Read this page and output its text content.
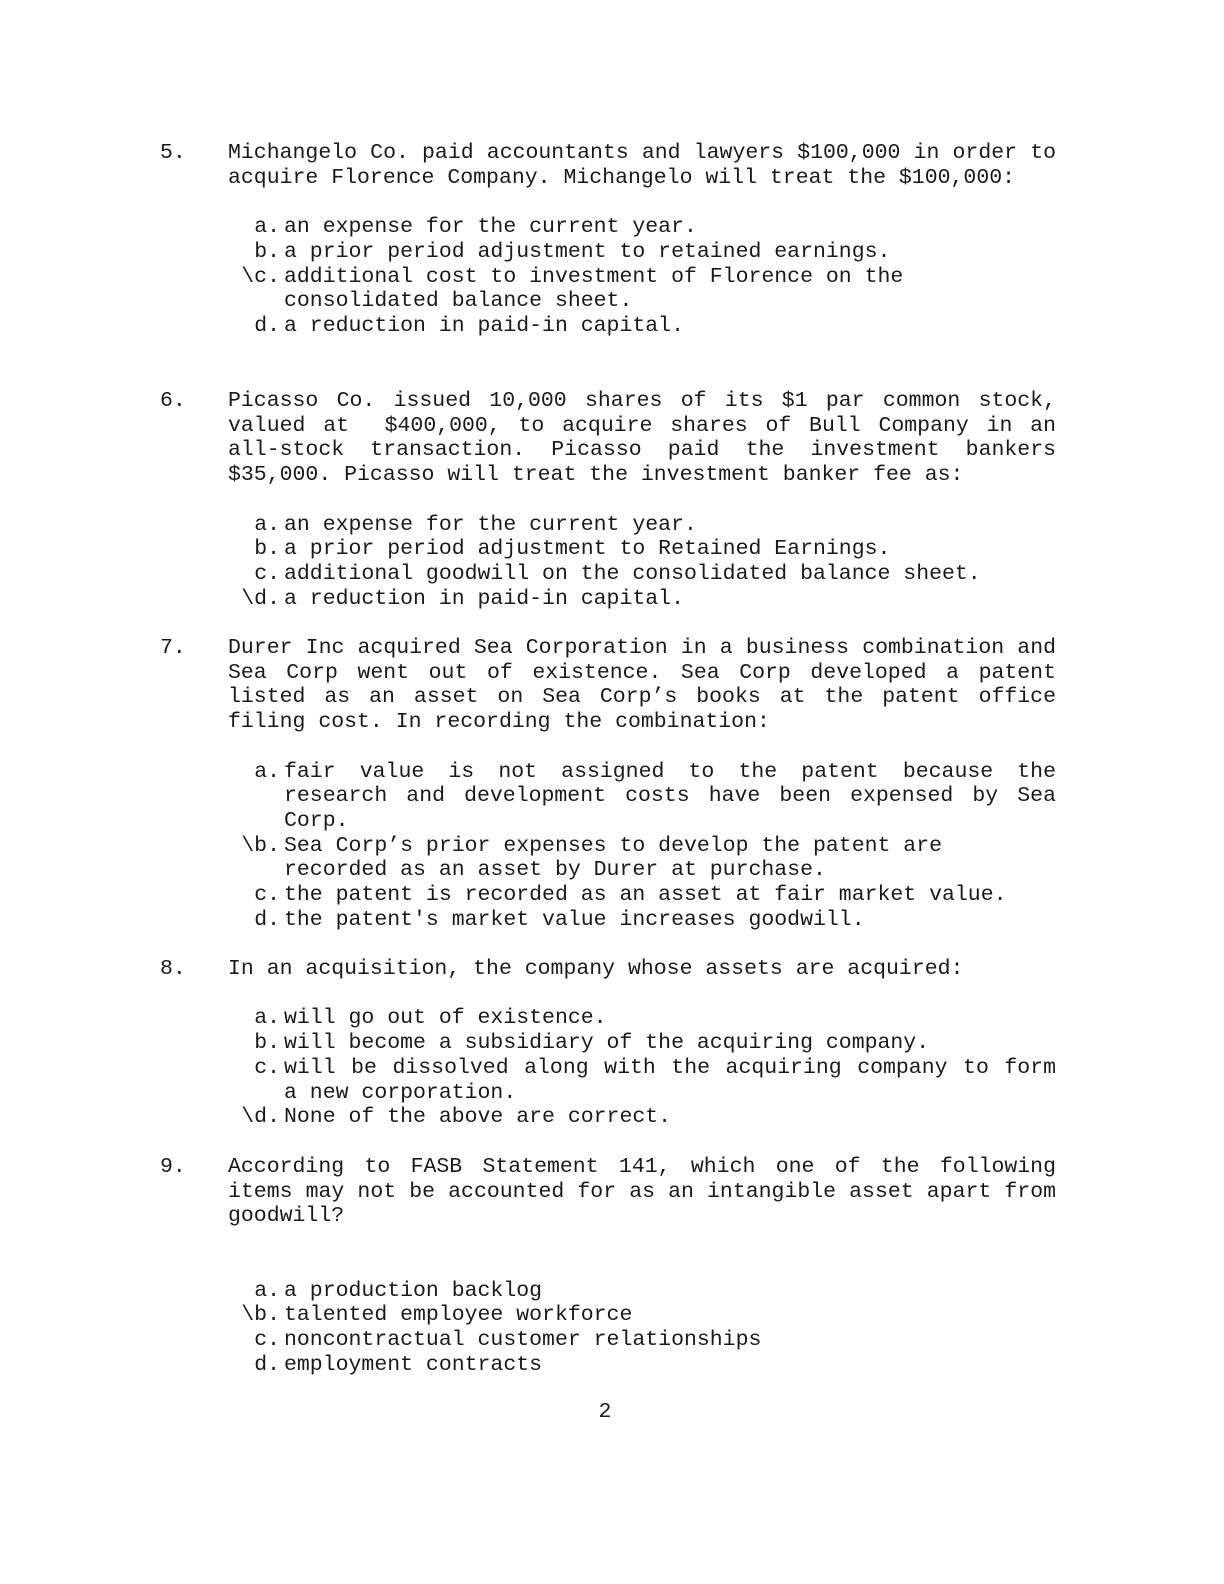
5. Michangelo Co. paid accountants and lawyers $100,000 in order to acquire Florence Company. Michangelo will treat the $100,000:
a. an expense for the current year.
b. a prior period adjustment to retained earnings.
\c. additional cost to investment of Florence on the consolidated balance sheet.
d. a reduction in paid-in capital.
6. Picasso Co. issued 10,000 shares of its $1 par common stock, valued at  $400,000, to acquire shares of Bull Company in an all-stock transaction. Picasso paid the investment bankers $35,000. Picasso will treat the investment banker fee as:
a. an expense for the current year.
b. a prior period adjustment to Retained Earnings.
c. additional goodwill on the consolidated balance sheet.
\d. a reduction in paid-in capital.
7. Durer Inc acquired Sea Corporation in a business combination and Sea Corp went out of existence. Sea Corp developed a patent listed as an asset on Sea Corp’s books at the patent office filing cost. In recording the combination:
a. fair value is not assigned to the patent because the research and development costs have been expensed by Sea Corp.
\b. Sea Corp’s prior expenses to develop the patent are recorded as an asset by Durer at purchase.
c. the patent is recorded as an asset at fair market value.
d. the patent's market value increases goodwill.
8. In an acquisition, the company whose assets are acquired:
a. will go out of existence.
b. will become a subsidiary of the acquiring company.
c. will be dissolved along with the acquiring company to form a new corporation.
\d. None of the above are correct.
9. According to FASB Statement 141, which one of the following items may not be accounted for as an intangible asset apart from goodwill?
a. a production backlog
\b. talented employee workforce
c. noncontractual customer relationships
d. employment contracts
2
